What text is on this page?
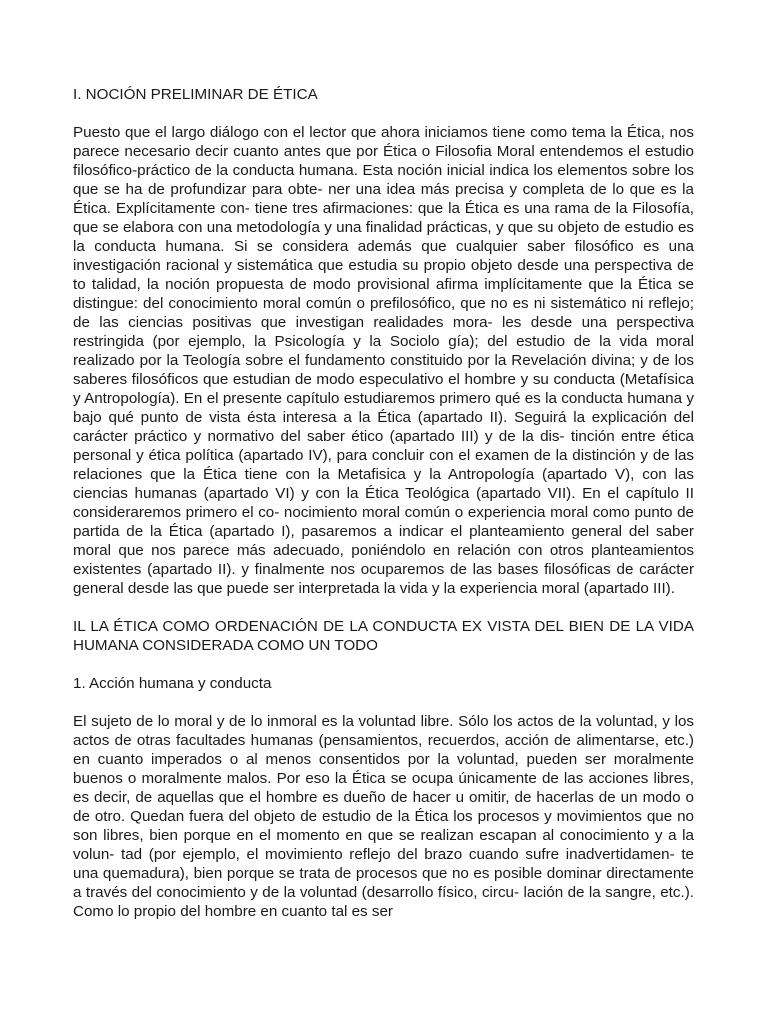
I. NOCIÓN PRELIMINAR DE ÉTICA

Puesto que el largo diálogo con el lector que ahora iniciamos tiene como tema la Ética, nos parece necesario decir cuanto antes que por Ética o Filosofia Moral entendemos el estudio filosófico-práctico de la conducta humana. Esta noción inicial indica los elementos sobre los que se ha de profundizar para obte- ner una idea más precisa y completa de lo que es la Ética. Explícitamente con- tiene tres afirmaciones: que la Ética es una rama de la Filosofía, que se elabora con una metodología y una finalidad prácticas, y que su objeto de estudio es la conducta humana. Si se considera además que cualquier saber filosófico es una investigación racional y sistemática que estudia su propio objeto desde una perspectiva de to talidad, la noción propuesta de modo provisional afirma implícitamente que la Ética se distingue: del conocimiento moral común o prefilosófico, que no es ni sistemático ni reflejo; de las ciencias positivas que investigan realidades mora- les desde una perspectiva restringida (por ejemplo, la Psicología y la Sociolo gía); del estudio de la vida moral realizado por la Teología sobre el fundamento constituido por la Revelación divina; y de los saberes filosóficos que estudian de modo especulativo el hombre y su conducta (Metafísica y Antropología). En el presente capítulo estudiaremos primero qué es la conducta humana y bajo qué punto de vista ésta interesa a la Ética (apartado II). Seguirá la explicación del carácter práctico y normativo del saber ético (apartado III) y de la dis- tinción entre ética personal y ética política (apartado IV), para concluir con el examen de la distinción y de las relaciones que la Ética tiene con la Metafisica y la Antropología (apartado V), con las ciencias humanas (apartado VI) y con la Ética Teológica (apartado VII). En el capítulo II consideraremos primero el co- nocimiento moral común o experiencia moral como punto de partida de la Ética (apartado I), pasaremos a indicar el planteamiento general del saber moral que nos parece más adecuado, poniéndolo en relación con otros planteamientos existentes (apartado II). y finalmente nos ocuparemos de las bases filosóficas de carácter general desde las que puede ser interpretada la vida y la experiencia moral (apartado III).

IL LA ÉTICA COMO ORDENACIÓN DE LA CONDUCTA EX VISTA DEL BIEN DE LA VIDA HUMANA CONSIDERADA COMO UN TODO

1. Acción humana y conducta

El sujeto de lo moral y de lo inmoral es la voluntad libre. Sólo los actos de la voluntad, y los actos de otras facultades humanas (pensamientos, recuerdos, acción de alimentarse, etc.) en cuanto imperados o al menos consentidos por la voluntad, pueden ser moralmente buenos o moralmente malos. Por eso la Ética se ocupa únicamente de las acciones libres, es decir, de aquellas que el hombre es dueño de hacer u omitir, de hacerlas de un modo o de otro. Quedan fuera del objeto de estudio de la Ética los procesos y movimientos que no son libres, bien porque en el momento en que se realizan escapan al conocimiento y a la volun- tad (por ejemplo, el movimiento reflejo del brazo cuando sufre inadvertidamen- te una quemadura), bien porque se trata de procesos que no es posible dominar directamente a través del conocimiento y de la voluntad (desarrollo físico, circu- lación de la sangre, etc.). Como lo propio del hombre en cuanto tal es ser
